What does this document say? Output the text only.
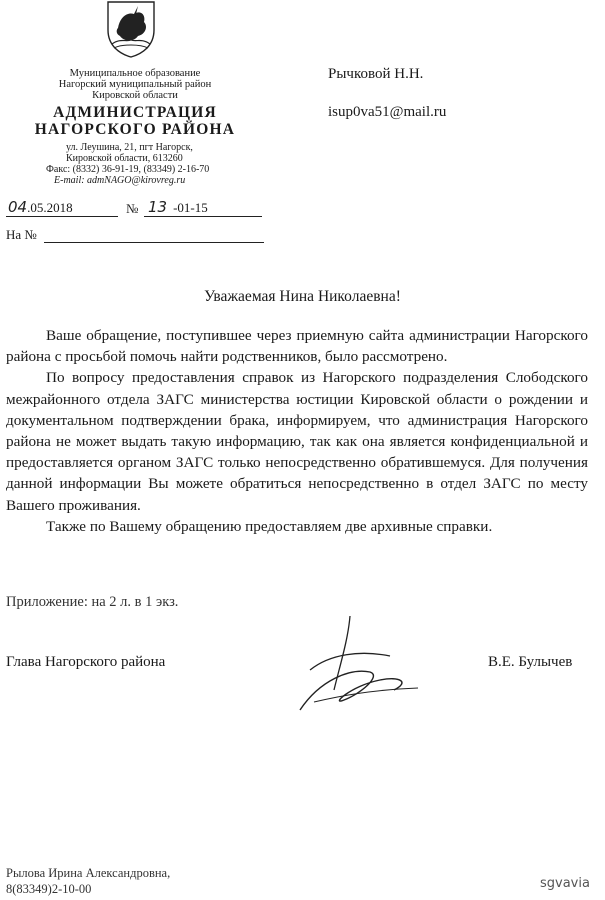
Муниципальное образование
Нагорский муниципальный район
Кировской области
АДМИНИСТРАЦИЯ
НАГОРСКОГО РАЙОНА
ул. Леушина, 21, пгт Нагорск,
Кировской области, 613260
Факс: (8332) 36-91-19, (83349) 2-16-70
E-mail: admNAGO@kirovreg.ru
Рычковой Н.Н.
isup0va51@mail.ru
04.05.2018	№ 13 -01-15
На №
Уважаемая Нина Николаевна!

Ваше обращение, поступившее через приемную сайта администрации Нагорского района с просьбой помочь найти родственников, было рассмотрено.

По вопросу предоставления справок из Нагорского подразделения Слободского межрайонного отдела ЗАГС министерства юстиции Кировской области о рождении и документальном подтверждении брака, информируем, что администрация Нагорского района не может выдать такую информацию, так как она является конфиденциальной и предоставляется органом ЗАГС только непосредственно обратившемуся. Для получения данной информации Вы можете обратиться непосредственно в отдел ЗАГС по месту Вашего проживания.

Также по Вашему обращению предоставляем две архивные справки.

Приложение: на 2 л. в 1 экз.
Глава Нагорского района	В.Е. Булычев
Рылова Ирина Александровна,
8(83349)2-10-00	sgvavia
